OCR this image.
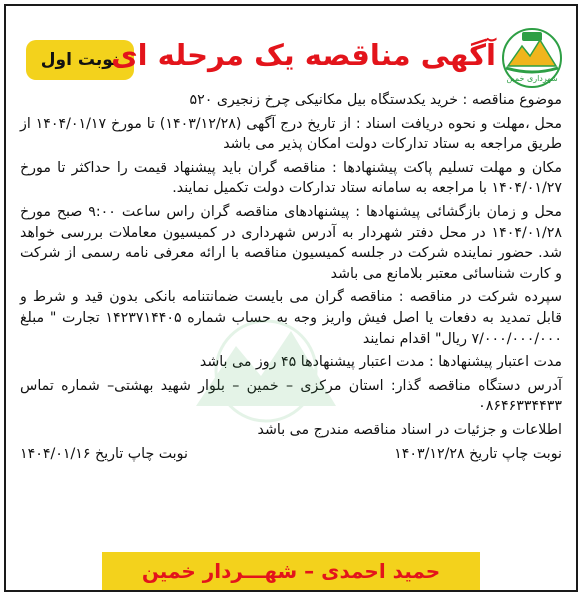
نوبت اول
آگهی مناقصه یک مرحله ای
شهرداری خمین

موضوع مناقصه : خرید یکدستگاه بیل مکانیکی چرخ زنجیری ۵۲۰

محل ،مهلت و نحوه دریافت اسناد : از تاریخ درج آگهی (۱۴۰۳/۱۲/۲۸) تا مورخ ۱۴۰۴/۰۱/۱۷ از طریق مراجعه به ستاد تدارکات دولت امکان پذیر می باشد

مکان و مهلت تسلیم پاکت پیشنهادها : مناقصه گران باید پیشنهاد قیمت را حداکثر تا مورخ ۱۴۰۴/۰۱/۲۷ با مراجعه به سامانه ستاد تدارکات دولت تکمیل نمایند.

محل و زمان بازگشائی پیشنهادها : پیشنهادهای مناقصه گران راس ساعت ۹:۰۰ صبح مورخ ۱۴۰۴/۰۱/۲۸ در محل دفتر شهردار به آدرس شهرداری در کمیسیون معاملات بررسی خواهد شد. حضور نماینده شرکت در جلسه کمیسیون مناقصه با ارائه معرفی نامه رسمی از شرکت و کارت شناسائی معتبر بلامانع می باشد

سپرده شرکت در مناقصه : مناقصه گران می بایست ضمانتنامه بانکی بدون قید و شرط و قابل تمدید به دفعات یا اصل فیش واریز وجه به حساب شماره ۱۴۲۳۷۱۴۴۰۵ تجارت " مبلغ ۷/۰۰۰/۰۰۰/۰۰۰ ریال" اقدام نمایند

مدت اعتبار پیشنهادها : مدت اعتبار پیشنهادها ۴۵ روز می باشد

آدرس دستگاه مناقصه گذار: استان مرکزی – خمین – بلوار شهید بهشتی– شماره تماس ۰۸۶۴۶۳۳۴۴۳۳

اطلاعات و جزئیات در اسناد مناقصه مندرج می باشد

نوبت چاپ تاریخ ۱۴۰۳/۱۲/۲۸
نوبت چاپ تاریخ ۱۴۰۴/۰۱/۱۶
حمید احمدی – شهـــردار خمین
